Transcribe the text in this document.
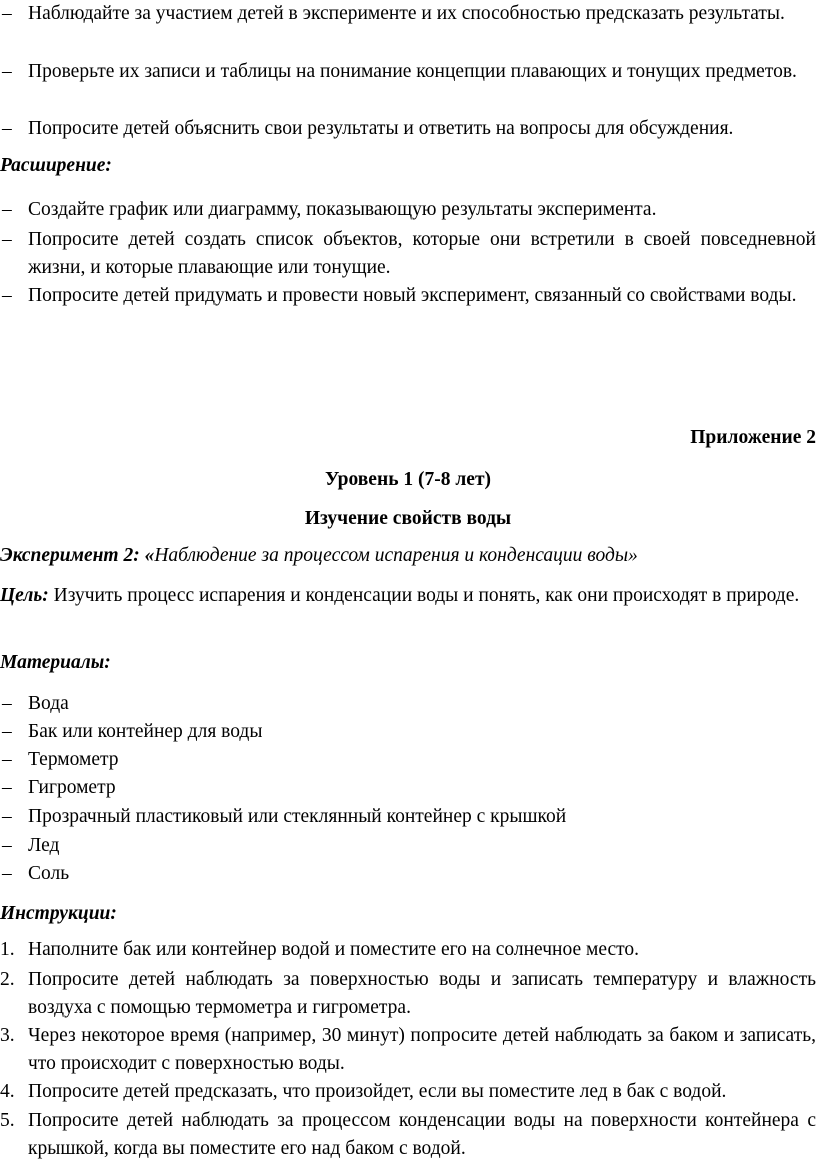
– Наблюдайте за участием детей в эксперименте и их способностью предсказать результаты.
– Проверьте их записи и таблицы на понимание концепции плавающих и тонущих предметов.
– Попросите детей объяснить свои результаты и ответить на вопросы для обсуждения.
Расширение:
– Создайте график или диаграмму, показывающую результаты эксперимента.
– Попросите детей создать список объектов, которые они встретили в своей повседневной жизни, и которые плавающие или тонущие.
– Попросите детей придумать и провести новый эксперимент, связанный со свойствами воды.
Приложение 2
Уровень 1 (7-8 лет)
Изучение свойств воды
Эксперимент 2: «Наблюдение за процессом испарения и конденсации воды»
Цель: Изучить процесс испарения и конденсации воды и понять, как они происходят в природе.
Материалы:
– Вода
– Бак или контейнер для воды
– Термометр
– Гигрометр
– Прозрачный пластиковый или стеклянный контейнер с крышкой
– Лед
– Соль
Инструкции:
1. Наполните бак или контейнер водой и поместите его на солнечное место.
2. Попросите детей наблюдать за поверхностью воды и записать температуру и влажность воздуха с помощью термометра и гигрометра.
3. Через некоторое время (например, 30 минут) попросите детей наблюдать за баком и записать, что происходит с поверхностью воды.
4. Попросите детей предсказать, что произойдет, если вы поместите лед в бак с водой.
5. Попросите детей наблюдать за процессом конденсации воды на поверхности контейнера с крышкой, когда вы поместите его над баком с водой.
